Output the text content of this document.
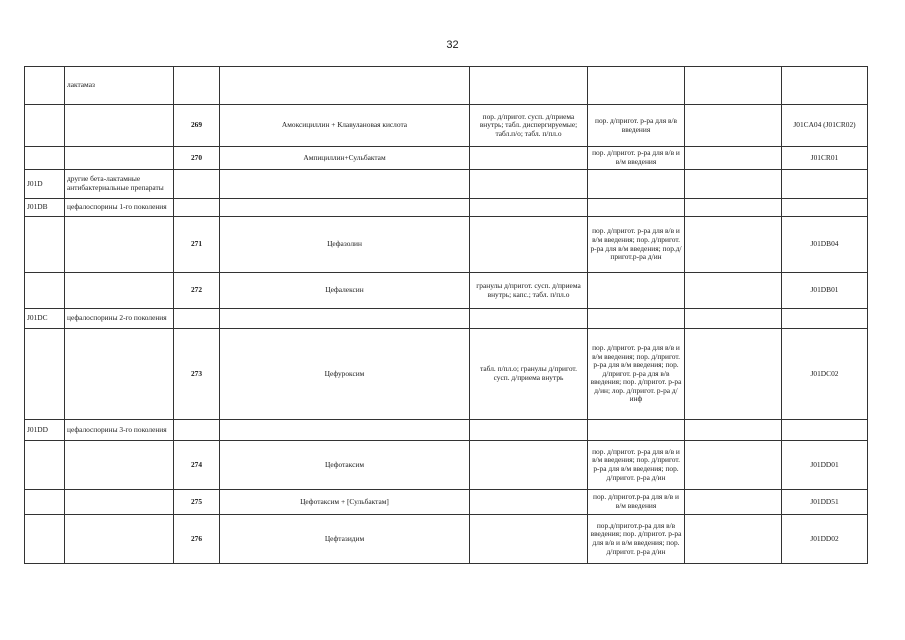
32
	лактамаз						
		269	Амоксициллин + Клавулановая кислота	пор. д/пригот. сусп. д/приема внутрь; табл. диспергируемые; табл.п/о; табл. п/пл.о	пор. д/пригот. р-ра для в/в введения		J01CA04 (J01CR02)
		270	Ампициллин+Сульбактам		пор. д/пригот. р-ра для в/в и в/м введения		J01CR01
J01D	другие бета-лактамные антибактериальные препараты						
J01DB	цефалоспорины 1-го поколения						
		271	Цефазолин		пор. д/пригот. р-ра для в/в и в/м введения; пор. д/пригот. р-ра для в/м введения; пор.д/пригот.р-ра д/ин		J01DB04
		272	Цефалексин	гранулы д/пригот. сусп. д/приема внутрь; капс.; табл. п/пл.о			J01DB01
J01DC	цефалоспорины 2-го поколения						
		273	Цефуроксим	табл. п/пл.о; гранулы д/пригот. сусп. д/приема внутрь	пор. д/пригот. р-ра для в/в и в/м введения; пор. д/пригот. р-ра для в/м введения; пор. д/пригот. р-ра для в/в введения; пор. д/пригот. р-ра д/ин; лор. д/пригот. р-ра д/инф		J01DC02
J01DD	цефалоспорины 3-го поколения						
		274	Цефотаксим		пор. д/пригот. р-ра для в/в и в/м введения; пор. д/пригот. р-ра для в/м введения; пор. д/пригот. р-ра д/ин		J01DD01
		275	Цефотаксим + [Сульбактам]		пор. д/пригот.р-ра для в/в и в/м введения		J01DD51
		276	Цефтазидим		пор.д/пригот.р-ра для в/в введения; пор. д/пригот. р-ра для в/в и в/м введения; пор. д/пригот. р-ра д/ин		J01DD02
